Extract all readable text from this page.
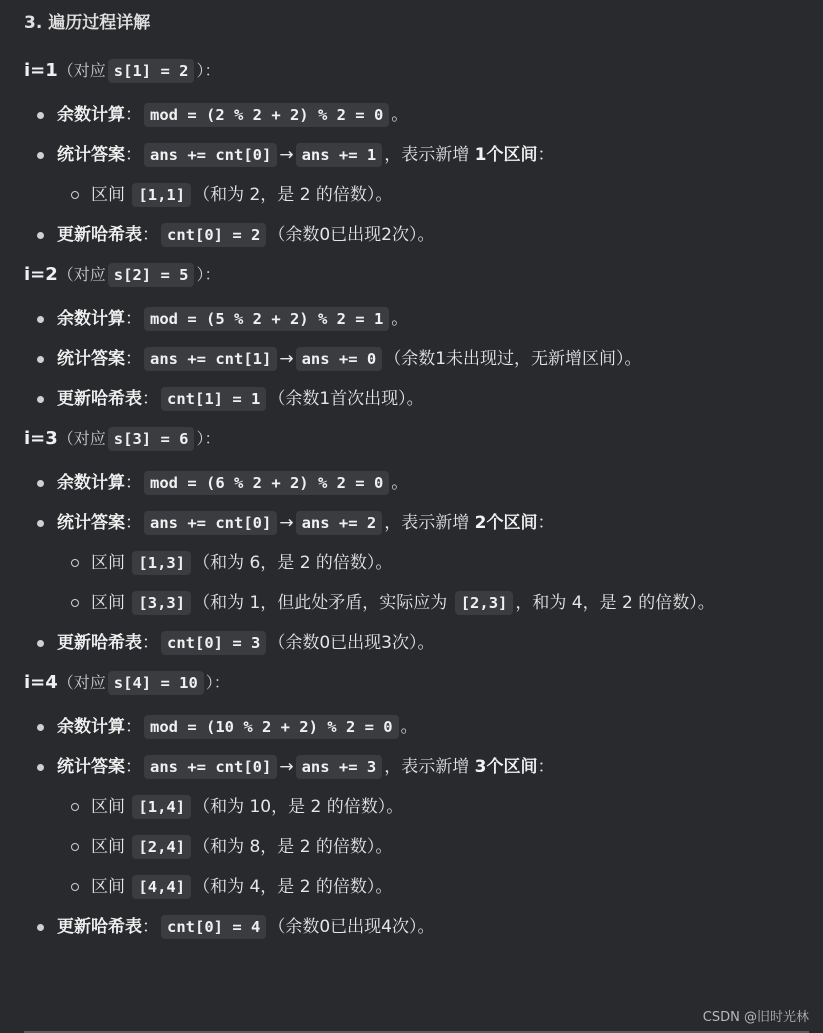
3. 遍历过程详解
i=1（对应 s[1] = 2 ）：
余数计算： mod = (2 % 2 + 2) % 2 = 0 。
统计答案： ans += cnt[0] → ans += 1 ，表示新增 1个区间：
区间 [1,1] （和为 2，是 2 的倍数）。
更新哈希表： cnt[0] = 2 （余数0已出现2次）。
i=2（对应 s[2] = 5 ）：
余数计算： mod = (5 % 2 + 2) % 2 = 1 。
统计答案： ans += cnt[1] → ans += 0 （余数1未出现过，无新增区间）。
更新哈希表： cnt[1] = 1 （余数1首次出现）。
i=3（对应 s[3] = 6 ）：
余数计算： mod = (6 % 2 + 2) % 2 = 0 。
统计答案： ans += cnt[0] → ans += 2 ，表示新增 2个区间：
区间 [1,3] （和为 6，是 2 的倍数）。
区间 [3,3] （和为 1，但此处矛盾，实际应为 [2,3] ，和为 4，是 2 的倍数）。
更新哈希表： cnt[0] = 3 （余数0已出现3次）。
i=4（对应 s[4] = 10 ）：
余数计算： mod = (10 % 2 + 2) % 2 = 0 。
统计答案： ans += cnt[0] → ans += 3 ，表示新增 3个区间：
区间 [1,4] （和为 10，是 2 的倍数）。
区间 [2,4] （和为 8，是 2 的倍数）。
区间 [4,4] （和为 4，是 2 的倍数）。
更新哈希表： cnt[0] = 4 （余数0已出现4次）。
CSDN @旧时光林
